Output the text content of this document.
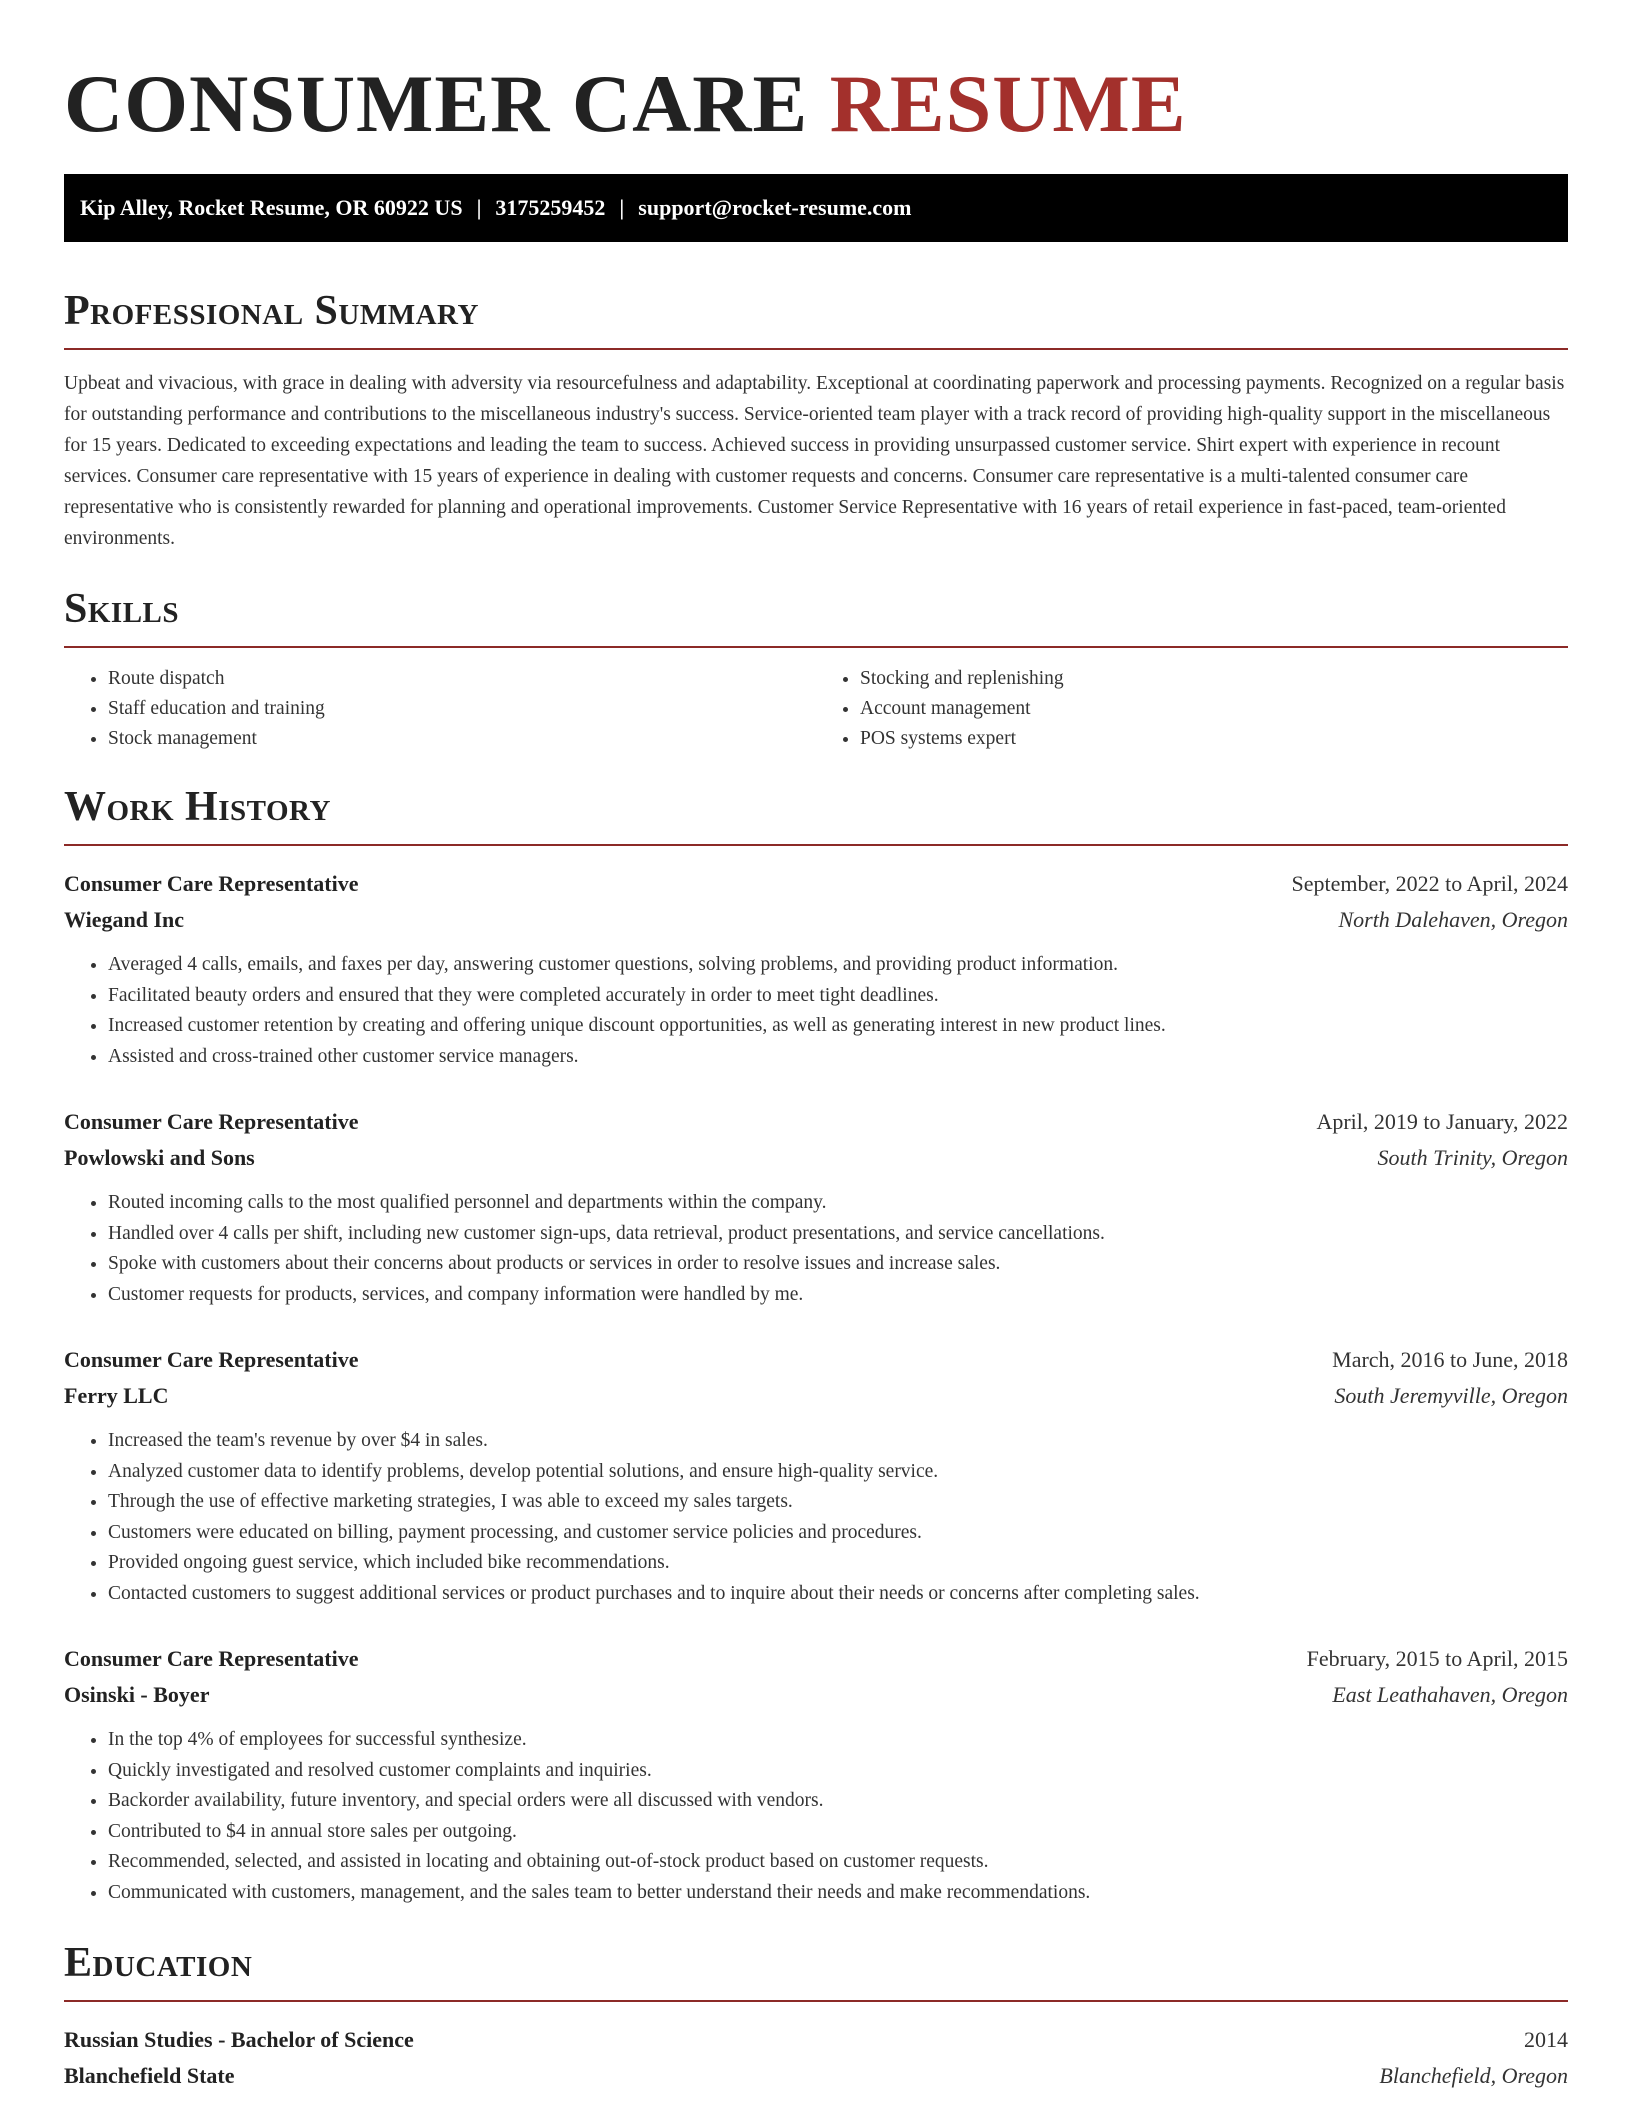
CONSUMER CARE RESUME
Kip Alley, Rocket Resume, OR 60922 US | 3175259452 | support@rocket-resume.com
Professional Summary

Upbeat and vivacious, with grace in dealing with adversity via resourcefulness and adaptability. Exceptional at coordinating paperwork and processing payments. Recognized on a regular basis for outstanding performance and contributions to the miscellaneous industry's success. Service-oriented team player with a track record of providing high-quality support in the miscellaneous for 15 years. Dedicated to exceeding expectations and leading the team to success. Achieved success in providing unsurpassed customer service. Shirt expert with experience in recount services. Consumer care representative with 15 years of experience in dealing with customer requests and concerns. Consumer care representative is a multi-talented consumer care representative who is consistently rewarded for planning and operational improvements. Customer Service Representative with 16 years of retail experience in fast-paced, team-oriented environments.

Skills
• Route dispatch
• Staff education and training
• Stock management
• Stocking and replenishing
• Account management
• POS systems expert
Work History
Consumer Care Representative	September, 2022 to April, 2024
Wiegand Inc	North Dalehaven, Oregon
• Averaged 4 calls, emails, and faxes per day, answering customer questions, solving problems, and providing product information.
• Facilitated beauty orders and ensured that they were completed accurately in order to meet tight deadlines.
• Increased customer retention by creating and offering unique discount opportunities, as well as generating interest in new product lines.
• Assisted and cross-trained other customer service managers.
Consumer Care Representative	April, 2019 to January, 2022
Powlowski and Sons	South Trinity, Oregon
• Routed incoming calls to the most qualified personnel and departments within the company.
• Handled over 4 calls per shift, including new customer sign-ups, data retrieval, product presentations, and service cancellations.
• Spoke with customers about their concerns about products or services in order to resolve issues and increase sales.
• Customer requests for products, services, and company information were handled by me.
Consumer Care Representative	March, 2016 to June, 2018
Ferry LLC	South Jeremyville, Oregon
• Increased the team's revenue by over $4 in sales.
• Analyzed customer data to identify problems, develop potential solutions, and ensure high-quality service.
• Through the use of effective marketing strategies, I was able to exceed my sales targets.
• Customers were educated on billing, payment processing, and customer service policies and procedures.
• Provided ongoing guest service, which included bike recommendations.
• Contacted customers to suggest additional services or product purchases and to inquire about their needs or concerns after completing sales.
Consumer Care Representative	February, 2015 to April, 2015
Osinski - Boyer	East Leathahaven, Oregon
• In the top 4% of employees for successful synthesize.
• Quickly investigated and resolved customer complaints and inquiries.
• Backorder availability, future inventory, and special orders were all discussed with vendors.
• Contributed to $4 in annual store sales per outgoing.
• Recommended, selected, and assisted in locating and obtaining out-of-stock product based on customer requests.
• Communicated with customers, management, and the sales team to better understand their needs and make recommendations.
Education
Russian Studies - Bachelor of Science	2014
Blanchefield State	Blanchefield, Oregon
